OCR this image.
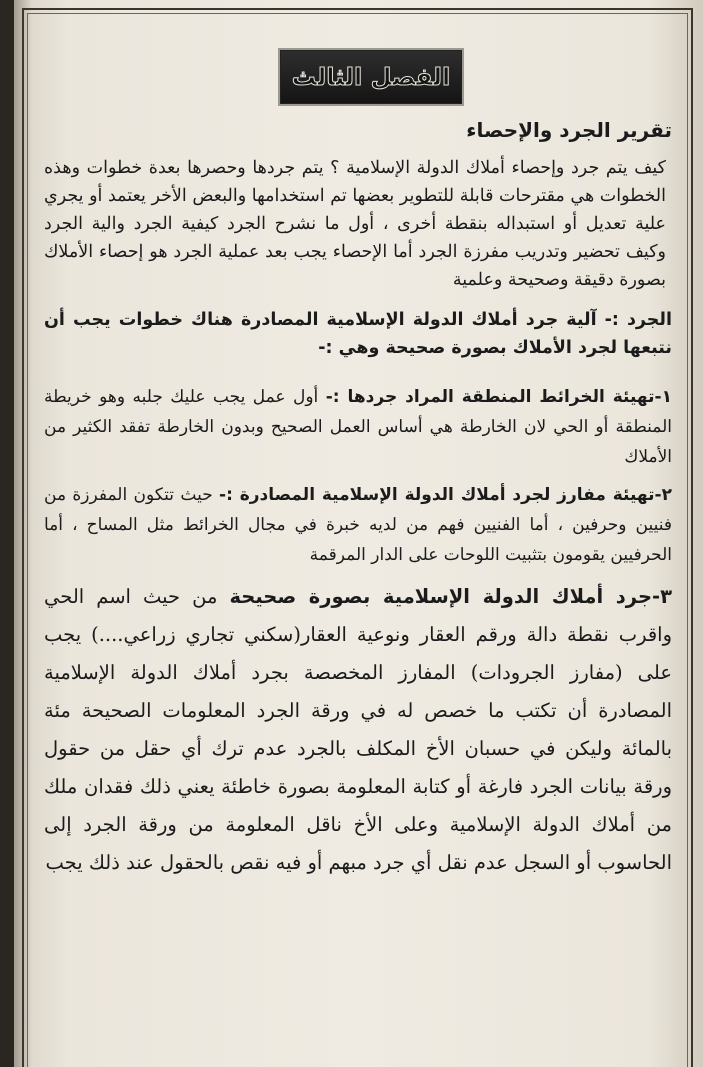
الفصل الثالث
تقرير الجرد والإحصاء

كيف يتم جرد وإحصاء أملاك الدولة الإسلامية ؟ يتم جردها وحصرها بعدة خطوات وهذه الخطوات هي مقترحات قابلة للتطوير بعضها تم استخدامها والبعض الأخر يعتمد أو يجري علية تعديل أو استبداله بنقطة أخرى ، أول ما نشرح الجرد كيفية الجرد والية الجرد وكيف تحضير وتدريب مفرزة الجرد أما الإحصاء يجب بعد عملية الجرد هو إحصاء الأملاك بصورة دقيقة وصحيحة وعلمية

الجرد :- آلية جرد أملاك الدولة الإسلامية المصادرة هناك خطوات يجب أن نتبعها لجرد الأملاك بصورة صحيحة وهي :-

١-تهيئة الخرائط المنطقة المراد جردها :- أول عمل يجب عليك جلبه وهو خريطة المنطقة أو الحي لان الخارطة هي أساس العمل الصحيح وبدون الخارطة تفقد الكثير من الأملاك

٢-تهيئة مفارز لجرد أملاك الدولة الإسلامية المصادرة :- حيث تتكون المفرزة من فنيين وحرفين ، أما الفنيين فهم من لديه خبرة في مجال الخرائط مثل المساح ، أما الحرفيين يقومون بتثبيت اللوحات على الدار المرقمة

٣-جرد أملاك الدولة الإسلامية بصورة صحيحة من حيث اسم الحي واقرب نقطة دالة ورقم العقار ونوعية العقار(سكني تجاري زراعي....) يجب على (مفارز الجرودات) المفارز المخصصة بجرد أملاك الدولة الإسلامية المصادرة أن تكتب ما خصص له في ورقة الجرد المعلومات الصحيحة مئة بالمائة وليكن في حسبان الأخ المكلف بالجرد عدم ترك أي حقل من حقول ورقة بيانات الجرد فارغة أو كتابة المعلومة بصورة خاطئة يعني ذلك فقدان ملك من أملاك الدولة الإسلامية وعلى الأخ ناقل المعلومة من ورقة الجرد إلى الحاسوب أو السجل عدم نقل أي جرد مبهم أو فيه نقص بالحقول عند ذلك يجب
